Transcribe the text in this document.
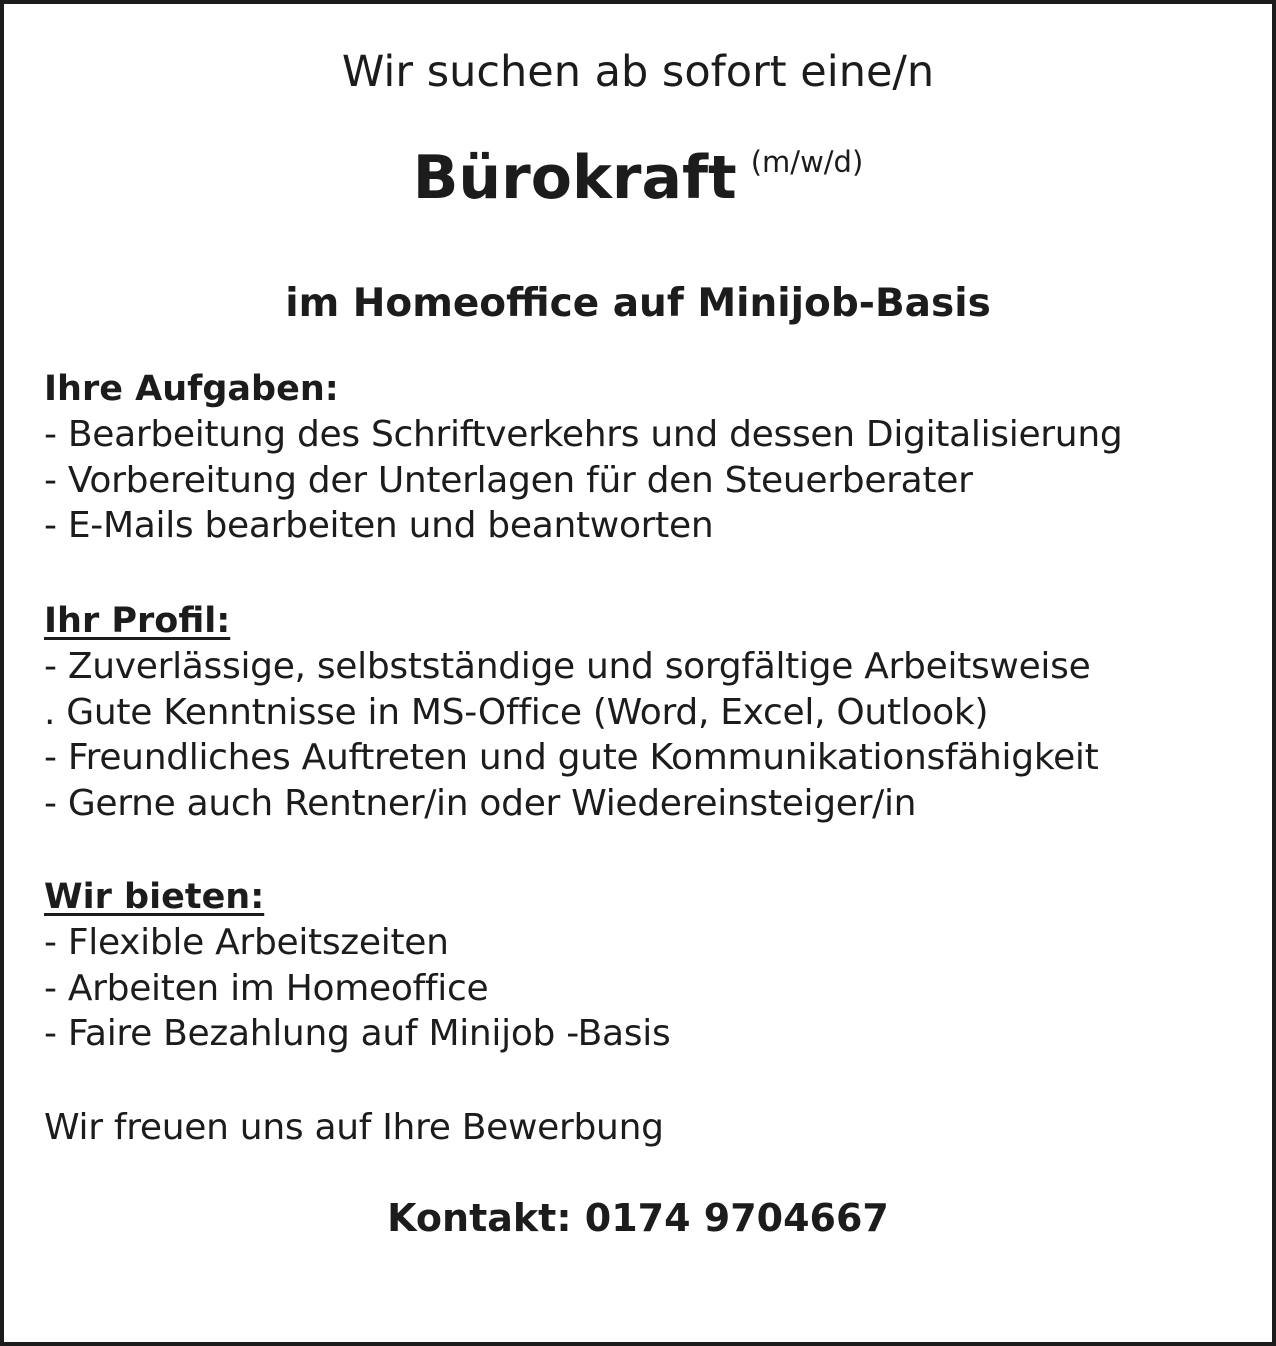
Wir suchen ab sofort eine/n
Bürokraft (m/w/d)
im Homeoffice auf Minijob-Basis
Ihre Aufgaben:
- Bearbeitung des Schriftverkehrs und dessen Digitalisierung
- Vorbereitung der Unterlagen für den Steuerberater
- E-Mails bearbeiten und beantworten
Ihr Profil:
- Zuverlässige, selbstständige und sorgfältige Arbeitsweise
. Gute Kenntnisse in MS-Office (Word, Excel, Outlook)
- Freundliches Auftreten und gute Kommunikationsfähigkeit
- Gerne auch Rentner/in oder Wiedereinsteiger/in
Wir bieten:
- Flexible Arbeitszeiten
- Arbeiten im Homeoffice
- Faire Bezahlung auf Minijob -Basis
Wir freuen uns auf Ihre Bewerbung
Kontakt: 0174 9704667
